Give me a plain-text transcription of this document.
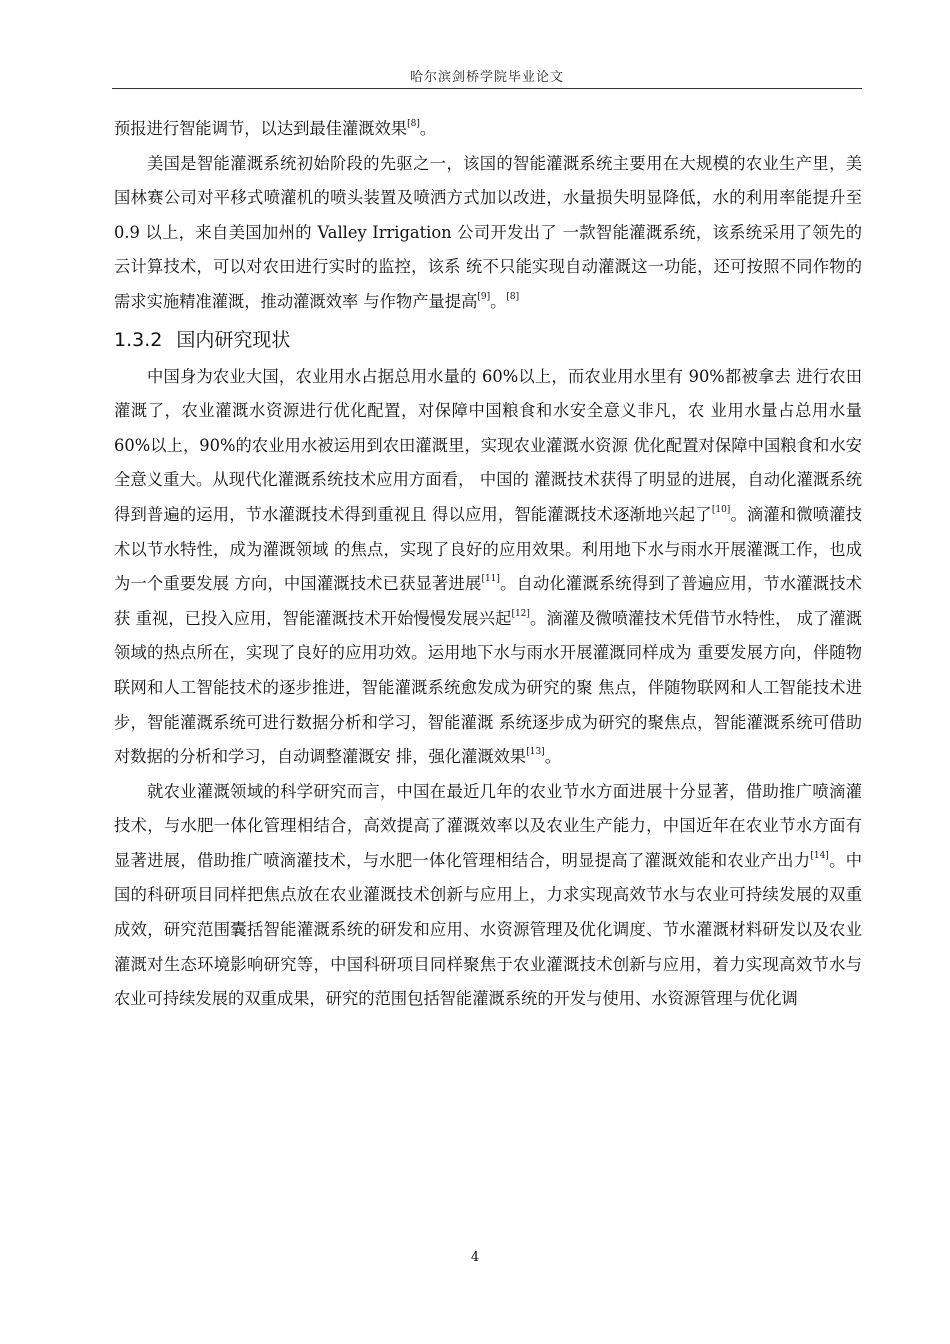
哈尔滨剑桥学院毕业论文

预报进行智能调节，以达到最佳灌溉效果[8]。

美国是智能灌溉系统初始阶段的先驱之一，该国的智能灌溉系统主要用在大规模的农业生产里，美国林赛公司对平移式喷灌机的喷头装置及喷洒方式加以改进，水量损失明显降低，水的利用率能提升至 0.9 以上，来自美国加州的 Valley Irrigation 公司开发出了 一款智能灌溉系统，该系统采用了领先的云计算技术，可以对农田进行实时的监控，该系 统不只能实现自动灌溉这一功能，还可按照不同作物的需求实施精准灌溉，推动灌溉效率 与作物产量提高[9]。[8]

1.3.2 国内研究现状

中国身为农业大国，农业用水占据总用水量的 60%以上，而农业用水里有 90%都被拿去 进行农田灌溉了，农业灌溉水资源进行优化配置，对保障中国粮食和水安全意义非凡，农 业用水量占总用水量 60%以上，90%的农业用水被运用到农田灌溉里，实现农业灌溉水资源 优化配置对保障中国粮食和水安全意义重大。从现代化灌溉系统技术应用方面看， 中国的 灌溉技术获得了明显的进展，自动化灌溉系统得到普遍的运用，节水灌溉技术得到重视且 得以应用，智能灌溉技术逐渐地兴起了[10]。滴灌和微喷灌技术以节水特性，成为灌溉领域 的焦点，实现了良好的应用效果。利用地下水与雨水开展灌溉工作，也成为一个重要发展 方向，中国灌溉技术已获显著进展[11]。自动化灌溉系统得到了普遍应用，节水灌溉技术获 重视，已投入应用，智能灌溉技术开始慢慢发展兴起[12]。滴灌及微喷灌技术凭借节水特性， 成了灌溉领域的热点所在，实现了良好的应用功效。运用地下水与雨水开展灌溉同样成为 重要发展方向，伴随物联网和人工智能技术的逐步推进，智能灌溉系统愈发成为研究的聚 焦点，伴随物联网和人工智能技术进步，智能灌溉系统可进行数据分析和学习，智能灌溉 系统逐步成为研究的聚焦点，智能灌溉系统可借助对数据的分析和学习，自动调整灌溉安 排，强化灌溉效果[13]。

就农业灌溉领域的科学研究而言，中国在最近几年的农业节水方面进展十分显著，借助推广喷滴灌技术，与水肥一体化管理相结合，高效提高了灌溉效率以及农业生产能力，中国近年在农业节水方面有显著进展，借助推广喷滴灌技术，与水肥一体化管理相结合，明显提高了灌溉效能和农业产出力[14]。中国的科研项目同样把焦点放在农业灌溉技术创新与应用上，力求实现高效节水与农业可持续发展的双重成效，研究范围囊括智能灌溉系统的研发和应用、水资源管理及优化调度、节水灌溉材料研发以及农业灌溉对生态环境影响研究等，中国科研项目同样聚焦于农业灌溉技术创新与应用，着力实现高效节水与农业可持续发展的双重成果，研究的范围包括智能灌溉系统的开发与使用、水资源管理与优化调

4
